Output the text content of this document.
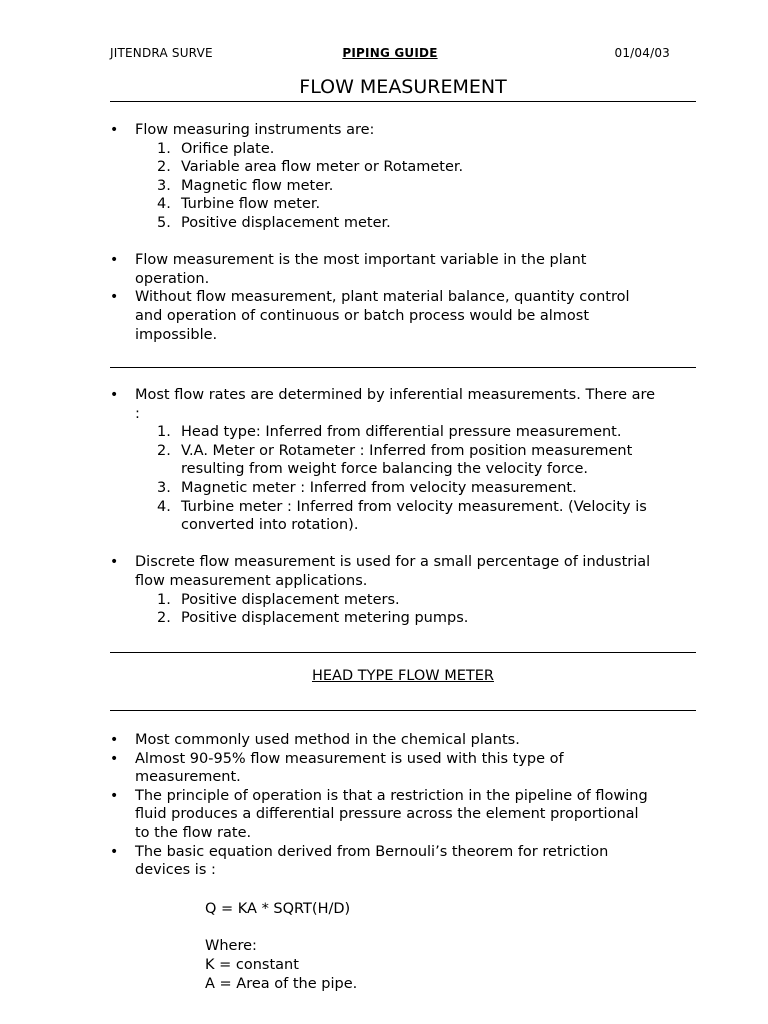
JITENDRA SURVE	PIPING GUIDE	01/04/03
FLOW MEASUREMENT
• Flow measuring instruments are:
1. Orifice plate.
2. Variable area flow meter or Rotameter.
3. Magnetic flow meter.
4. Turbine flow meter.
5. Positive displacement meter.
• Flow measurement is the most important variable in the plant
operation.
• Without flow measurement, plant material balance, quantity control
and operation of continuous or batch process would be almost
impossible.
• Most flow rates are determined by inferential measurements. There are
:
1. Head type: Inferred from differential pressure measurement.
2. V.A. Meter or Rotameter : Inferred from position measurement
resulting from weight force balancing the velocity force.
3. Magnetic meter : Inferred from velocity measurement.
4. Turbine meter : Inferred from velocity measurement. (Velocity is
converted into rotation).
• Discrete flow measurement is used for a small percentage of industrial
flow measurement applications.
1. Positive displacement meters.
2. Positive displacement metering pumps.
HEAD TYPE FLOW METER
• Most commonly used method in the chemical plants.
• Almost 90-95% flow measurement is used with this type of
measurement.
• The principle of operation is that a restriction in the pipeline of flowing
fluid produces a differential pressure across the element proportional
to the flow rate.
• The basic equation derived from Bernouli’s theorem for retriction
devices is :
Q = KA * SQRT(H/D)
Where:
K = constant
A = Area of the pipe.
